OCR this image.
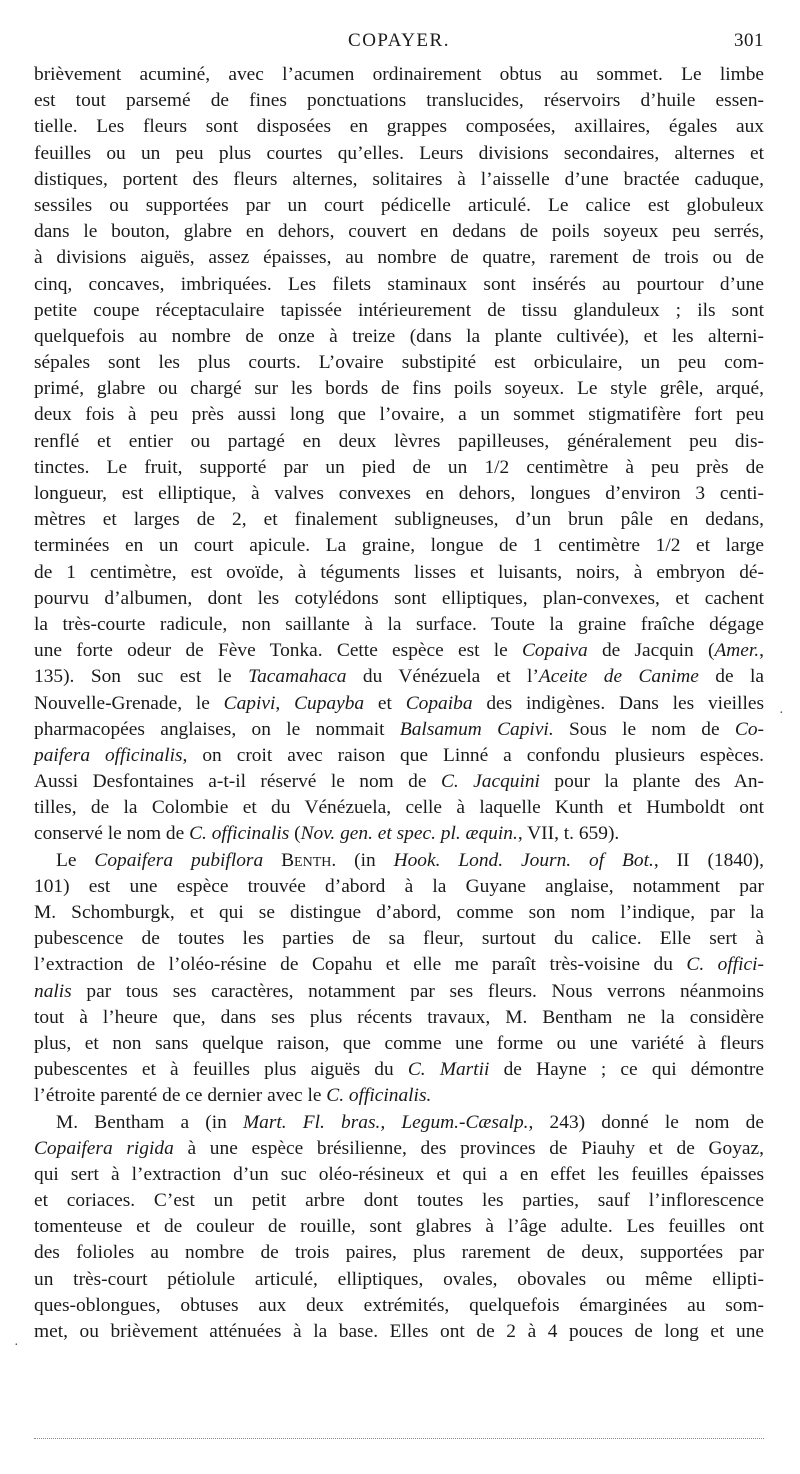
COPAYER.	301
brièvement acuminé, avec l’acumen ordinairement obtus au sommet. Le limbe
est tout parsemé de fines ponctuations translucides, réservoirs d’huile essen-
tielle. Les fleurs sont disposées en grappes composées, axillaires, égales aux
feuilles ou un peu plus courtes qu’elles. Leurs divisions secondaires, alternes et
distiques, portent des fleurs alternes, solitaires à l’aisselle d’une bractée caduque,
sessiles ou supportées par un court pédicelle articulé. Le calice est globuleux
dans le bouton, glabre en dehors, couvert en dedans de poils soyeux peu serrés,
à divisions aiguës, assez épaisses, au nombre de quatre, rarement de trois ou de
cinq, concaves, imbriquées. Les filets staminaux sont insérés au pourtour d’une
petite coupe réceptaculaire tapissée intérieurement de tissu glanduleux ; ils sont
quelquefois au nombre de onze à treize (dans la plante cultivée), et les alterni-
sépales sont les plus courts. L’ovaire substipité est orbiculaire, un peu com-
primé, glabre ou chargé sur les bords de fins poils soyeux. Le style grêle, arqué,
deux fois à peu près aussi long que l’ovaire, a un sommet stigmatifère fort peu
renflé et entier ou partagé en deux lèvres papilleuses, généralement peu dis-
tinctes. Le fruit, supporté par un pied de un 1/2 centimètre à peu près de
longueur, est elliptique, à valves convexes en dehors, longues d’environ 3 centi-
mètres et larges de 2, et finalement subligneuses, d’un brun pâle en dedans,
terminées en un court apicule. La graine, longue de 1 centimètre 1/2 et large
de 1 centimètre, est ovoïde, à téguments lisses et luisants, noirs, à embryon dé-
pourvu d’albumen, dont les cotylédons sont elliptiques, plan-convexes, et cachent
la très-courte radicule, non saillante à la surface. Toute la graine fraîche dégage
une forte odeur de Fève Tonka. Cette espèce est le Copaiva de Jacquin (Amer.,
135). Son suc est le Tacamahaca du Vénézuela et l’Aceite de Canime de la
Nouvelle-Grenade, le Capivi, Cupayba et Copaiba des indigènes. Dans les vieilles
pharmacopées anglaises, on le nommait Balsamum Capivi. Sous le nom de Co-
paifera officinalis, on croit avec raison que Linné a confondu plusieurs espèces.
Aussi Desfontaines a-t-il réservé le nom de C. Jacquini pour la plante des An-
tilles, de la Colombie et du Vénézuela, celle à laquelle Kunth et Humboldt ont
conservé le nom de C. officinalis (Nov. gen. et spec. pl. æquin., VII, t. 659).
Le Copaifera pubiflora Benth. (in Hook. Lond. Journ. of Bot., II (1840),
101) est une espèce trouvée d’abord à la Guyane anglaise, notamment par
M. Schomburgk, et qui se distingue d’abord, comme son nom l’indique, par la
pubescence de toutes les parties de sa fleur, surtout du calice. Elle sert à
l’extraction de l’oléo-résine de Copahu et elle me paraît très-voisine du C. offici-
nalis par tous ses caractères, notamment par ses fleurs. Nous verrons néanmoins
tout à l’heure que, dans ses plus récents travaux, M. Bentham ne la considère
plus, et non sans quelque raison, que comme une forme ou une variété à fleurs
pubescentes et à feuilles plus aiguës du C. Martii de Hayne ; ce qui démontre
l’étroite parenté de ce dernier avec le C. officinalis.
M. Bentham a (in Mart. Fl. bras., Legum.-Cæsalp., 243) donné le nom de
Copaifera rigida à une espèce brésilienne, des provinces de Piauhy et de Goyaz,
qui sert à l’extraction d’un suc oléo-résineux et qui a en effet les feuilles épaisses
et coriaces. C’est un petit arbre dont toutes les parties, sauf l’inflorescence
tomenteuse et de couleur de rouille, sont glabres à l’âge adulte. Les feuilles ont
des folioles au nombre de trois paires, plus rarement de deux, supportées par
un très-court pétiolule articulé, elliptiques, ovales, obovales ou même ellipti-
ques-oblongues, obtuses aux deux extrémités, quelquefois émarginées au som-
met, ou brièvement atténuées à la base. Elles ont de 2 à 4 pouces de long et une
·
·
